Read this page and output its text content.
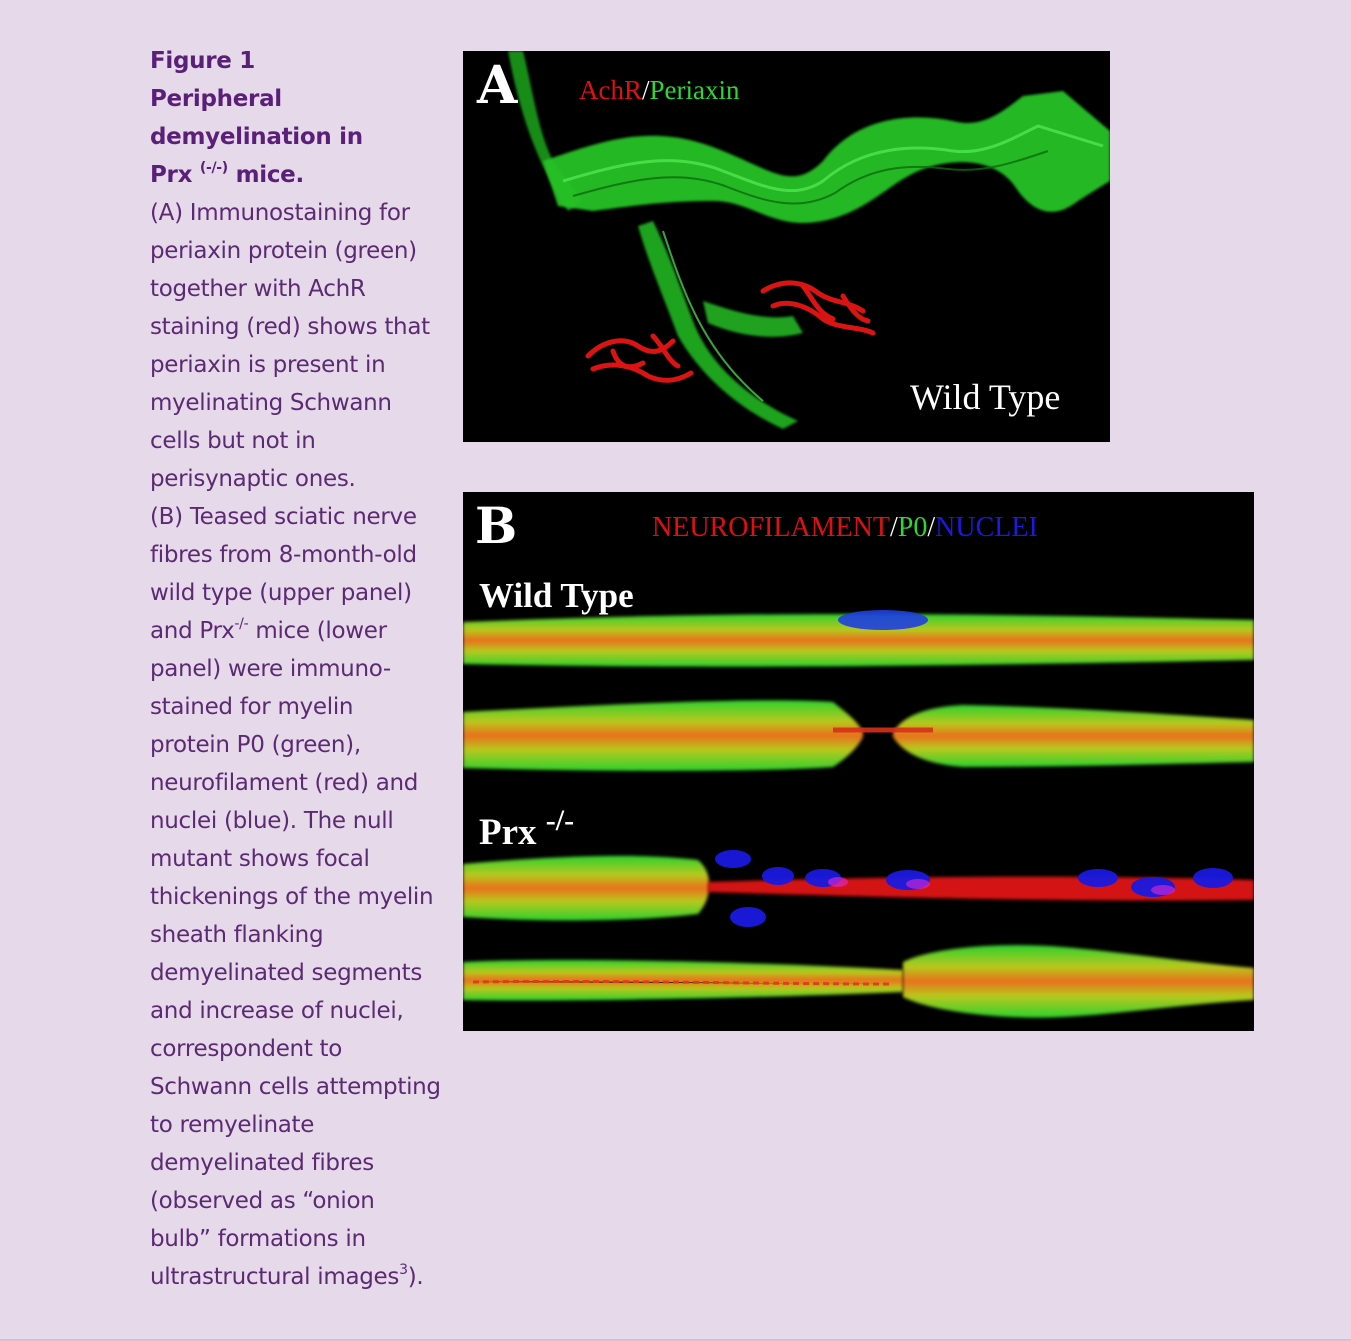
Figure 1
Peripheral
demyelination in
Prx (-/-) mice.
(A) Immunostaining for
periaxin protein (green)
together with AchR
staining (red) shows that
periaxin is present in
myelinating Schwann
cells but not in
perisynaptic ones.
(B) Teased sciatic nerve
fibres from 8-month-old
wild type (upper panel)
and Prx-/- mice (lower
panel) were immuno-
stained for myelin
protein P0 (green),
neurofilament (red) and
nuclei (blue). The null
mutant shows focal
thickenings of the myelin
sheath flanking
demyelinated segments
and increase of nuclei,
correspondent to
Schwann cells attempting
to remyelinate
demyelinated fibres
(observed as “onion
bulb” formations in
ultrastructural images$^3$).
A AchR/Periaxin
Wild Type
B	NEUROFILAMENT/P0/NUCLEI
Wild Type
Prx -/-
